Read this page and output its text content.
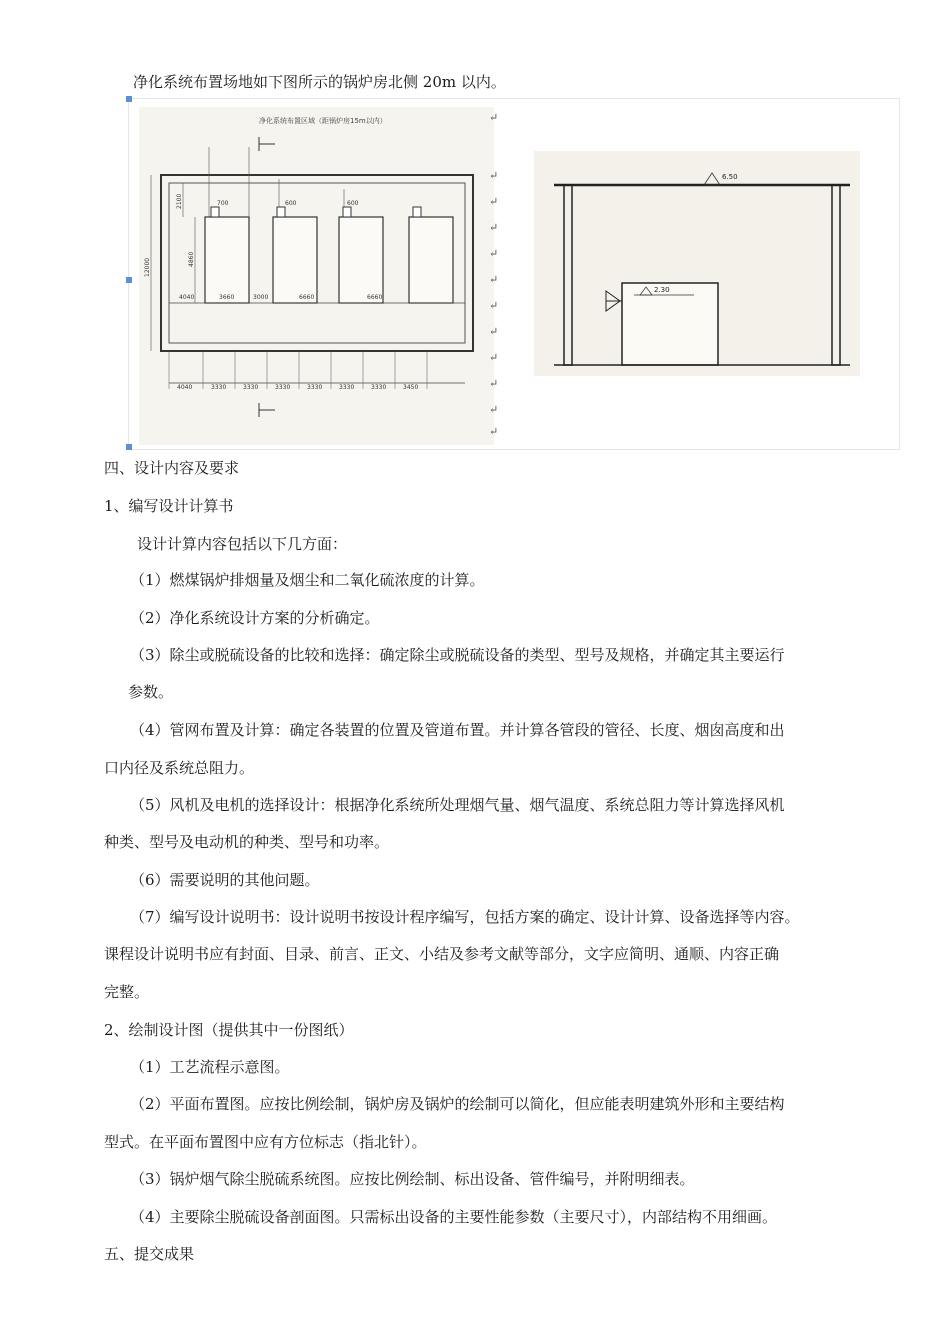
净化系统布置场地如下图所示的锅炉房北侧 20m 以内。
净化系统布置区域（距锅炉房15m以内）
700	600	600
2100
4860
12000
4040	3660	3000	6660	6660
4040	3330	3330	3330	3330	3330	3330	3450
↵
↵
↵
↵
↵
↵
↵
↵
↵
↵
↵
↵
6.50
2.30
四、设计内容及要求
1、编写设计计算书
设计计算内容包括以下几方面：
（1）燃煤锅炉排烟量及烟尘和二氧化硫浓度的计算。
（2）净化系统设计方案的分析确定。
（3）除尘或脱硫设备的比较和选择：确定除尘或脱硫设备的类型、型号及规格，并确定其主要运行
参数。
（4）管网布置及计算：确定各装置的位置及管道布置。并计算各管段的管径、长度、烟囱高度和出
口内径及系统总阻力。
（5）风机及电机的选择设计：根据净化系统所处理烟气量、烟气温度、系统总阻力等计算选择风机
种类、型号及电动机的种类、型号和功率。
（6）需要说明的其他问题。
（7）编写设计说明书：设计说明书按设计程序编写，包括方案的确定、设计计算、设备选择等内容。
课程设计说明书应有封面、目录、前言、正文、小结及参考文献等部分，文字应简明、通顺、内容正确
完整。
2、绘制设计图（提供其中一份图纸）
（1）工艺流程示意图。
（2）平面布置图。应按比例绘制，锅炉房及锅炉的绘制可以简化，但应能表明建筑外形和主要结构
型式。在平面布置图中应有方位标志（指北针）。
（3）锅炉烟气除尘脱硫系统图。应按比例绘制、标出设备、管件编号，并附明细表。
（4）主要除尘脱硫设备剖面图。只需标出设备的主要性能参数（主要尺寸），内部结构不用细画。
五、提交成果
